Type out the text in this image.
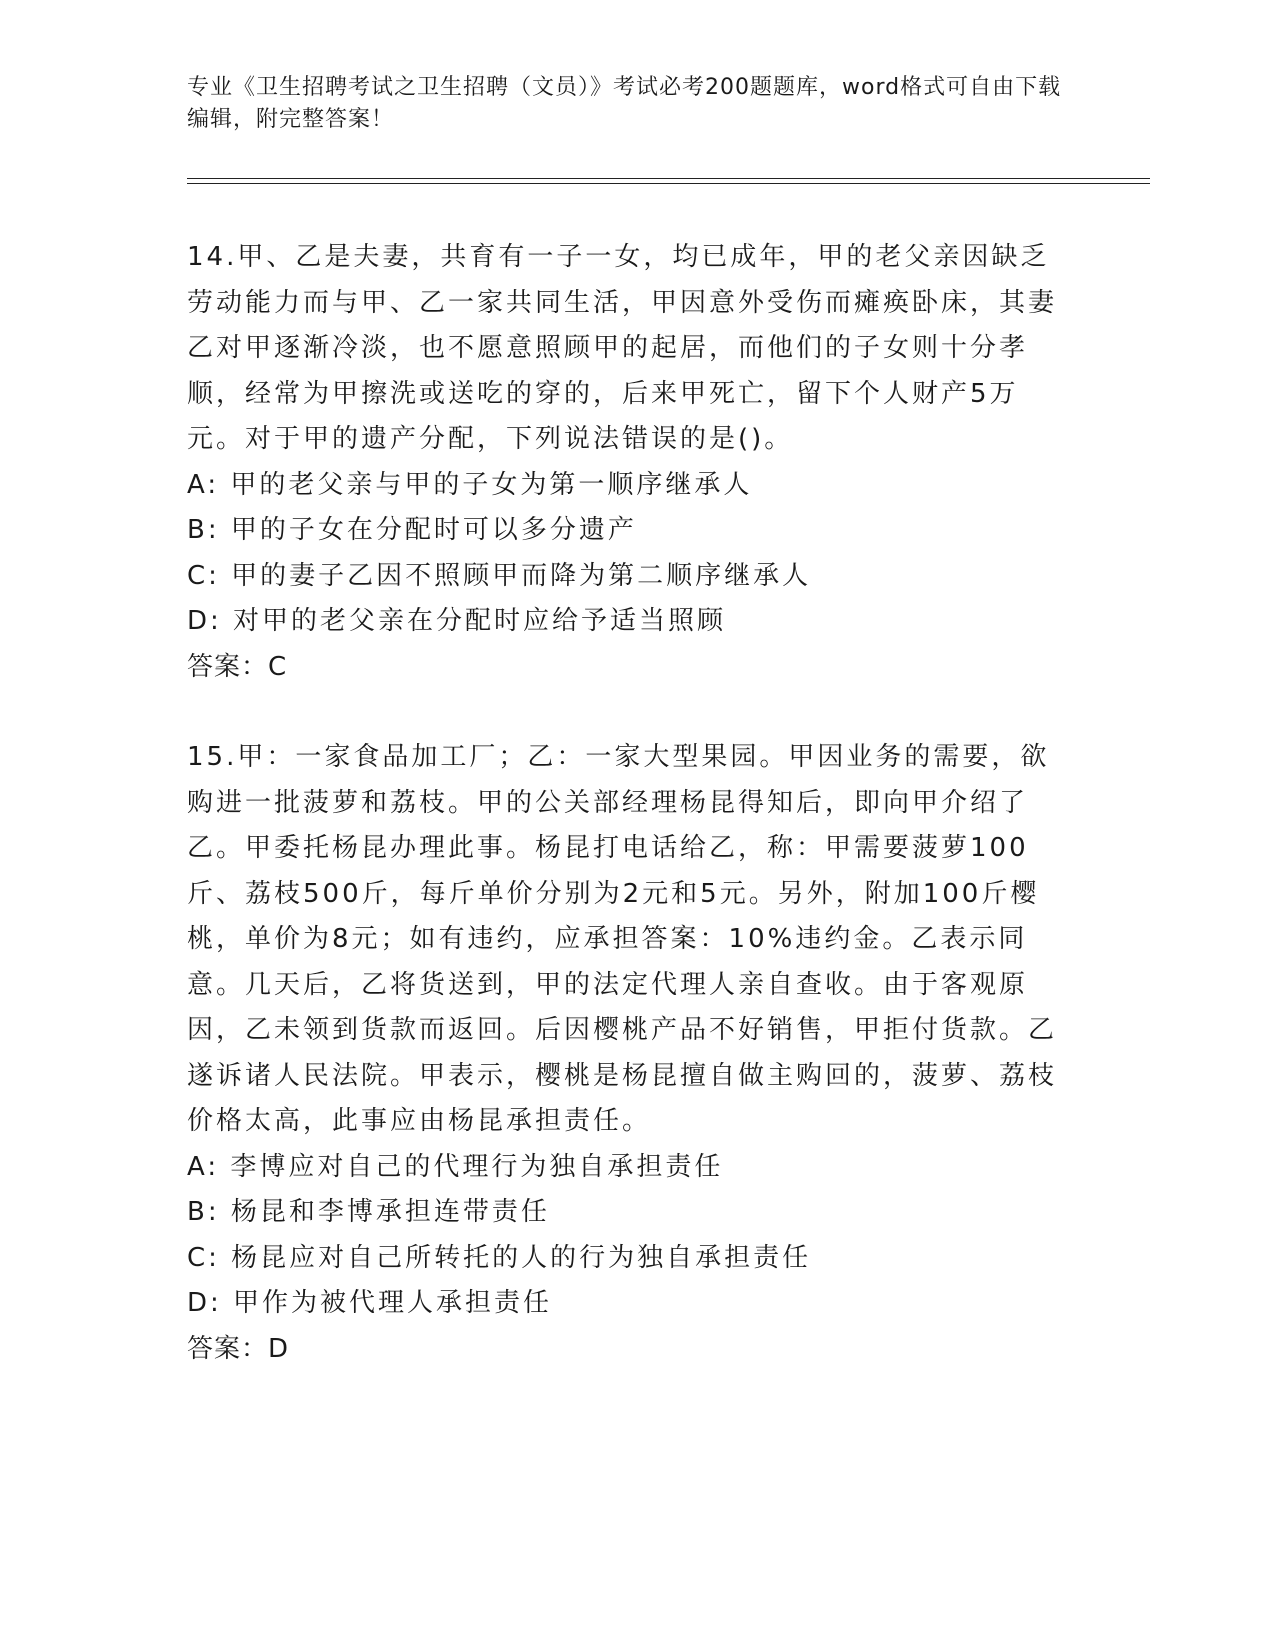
专业《卫生招聘考试之卫生招聘（文员）》考试必考200题题库，word格式可自由下载编辑，附完整答案！

14.甲、乙是夫妻，共育有一子一女，均已成年，甲的老父亲因缺乏劳动能力而与甲、乙一家共同生活，甲因意外受伤而瘫痪卧床，其妻乙对甲逐渐冷淡，也不愿意照顾甲的起居，而他们的子女则十分孝顺，经常为甲擦洗或送吃的穿的，后来甲死亡，留下个人财产5万元。对于甲的遗产分配，下列说法错误的是()。

A: 甲的老父亲与甲的子女为第一顺序继承人
B: 甲的子女在分配时可以多分遗产
C: 甲的妻子乙因不照顾甲而降为第二顺序继承人
D: 对甲的老父亲在分配时应给予适当照顾
答案：C

15.甲：一家食品加工厂；乙：一家大型果园。甲因业务的需要，欲购进一批菠萝和荔枝。甲的公关部经理杨昆得知后，即向甲介绍了乙。甲委托杨昆办理此事。杨昆打电话给乙，称：甲需要菠萝100斤、荔枝500斤，每斤单价分别为2元和5元。另外，附加100斤樱桃，单价为8元；如有违约，应承担答案：10%违约金。乙表示同意。几天后，乙将货送到，甲的法定代理人亲自查收。由于客观原因，乙未领到货款而返回。后因樱桃产品不好销售，甲拒付货款。乙遂诉诸人民法院。甲表示，樱桃是杨昆擅自做主购回的，菠萝、荔枝价格太高，此事应由杨昆承担责任。

A: 李博应对自己的代理行为独自承担责任
B: 杨昆和李博承担连带责任
C: 杨昆应对自己所转托的人的行为独自承担责任
D: 甲作为被代理人承担责任
答案：D
